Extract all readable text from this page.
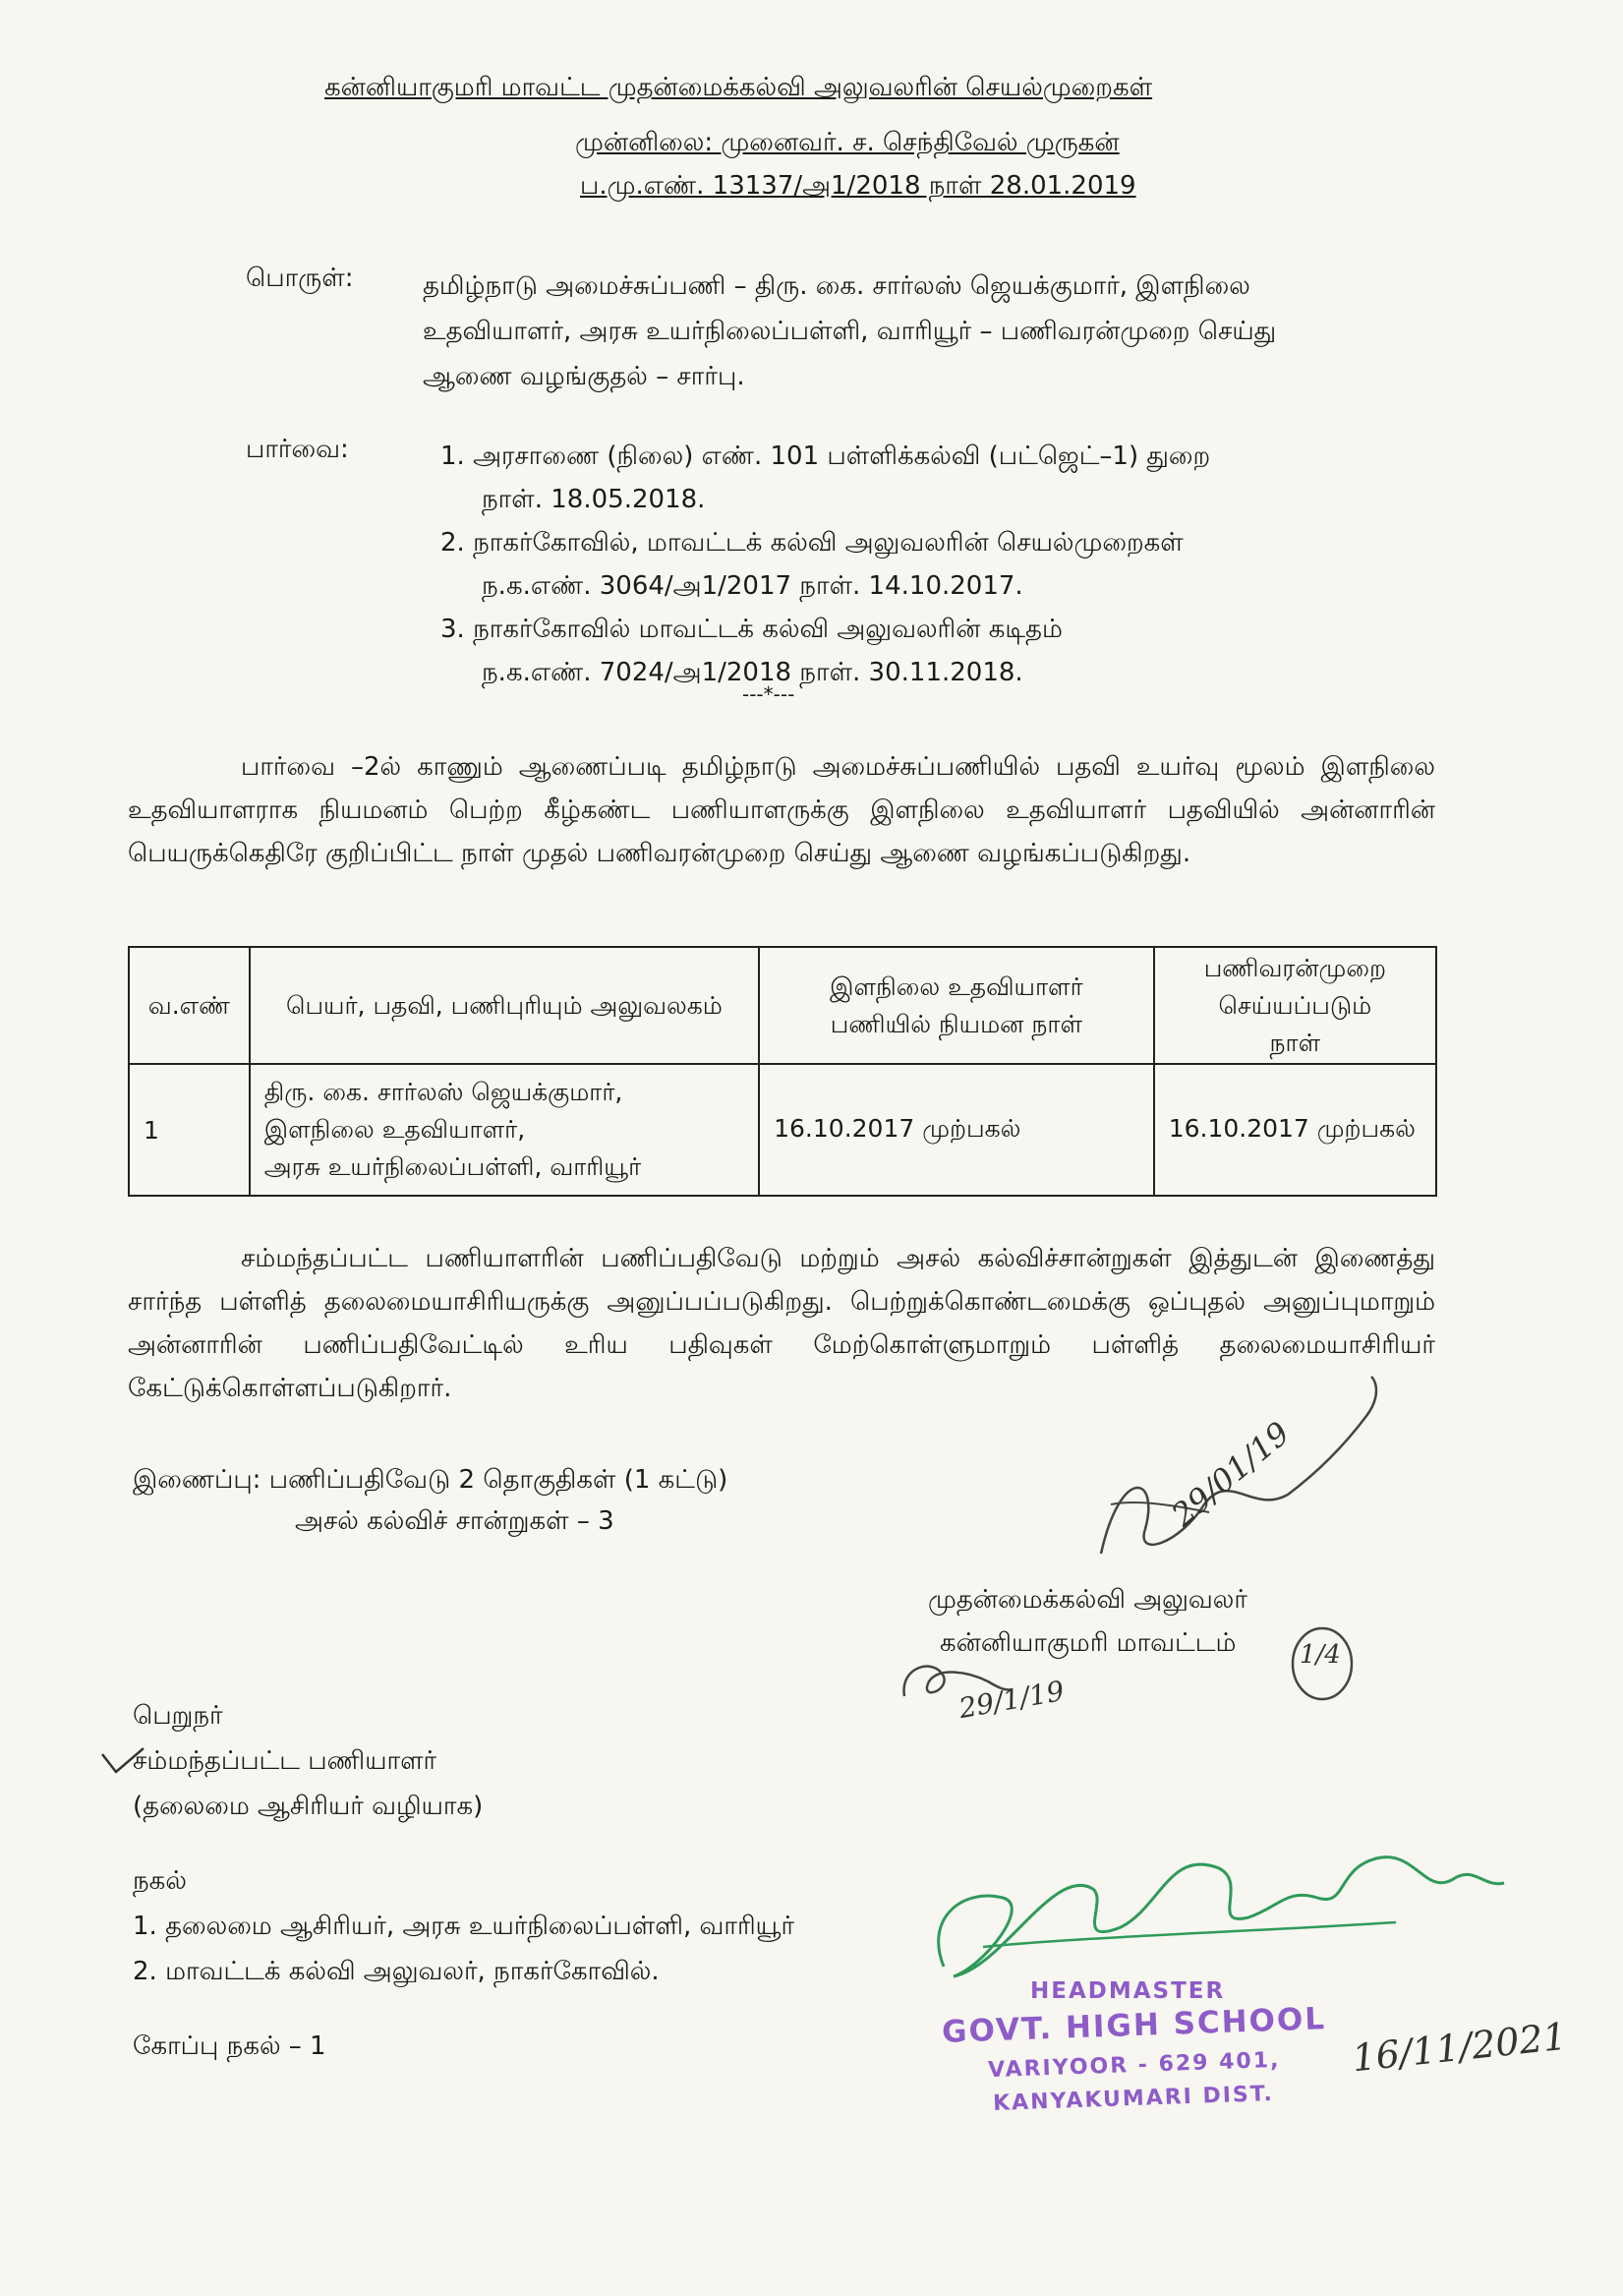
கன்னியாகுமரி மாவட்ட முதன்மைக்கல்வி அலுவலரின் செயல்முறைகள்
முன்னிலை: முனைவர். ச. செந்திவேல் முருகன்
ப.மு.எண். 13137/அ1/2018 நாள் 28.01.2019
பொருள்:	தமிழ்நாடு அமைச்சுப்பணி – திரு. கை. சார்லஸ் ஜெயக்குமார், இளநிலை
உதவியாளர், அரசு உயர்நிலைப்பள்ளி, வாரியூர் – பணிவரன்முறை செய்து
ஆணை வழங்குதல் – சார்பு.
பார்வை:	1. அரசாணை (நிலை) எண். 101 பள்ளிக்கல்வி (பட்ஜெட்–1) துறை
நாள். 18.05.2018.
2. நாகர்கோவில், மாவட்டக் கல்வி அலுவலரின் செயல்முறைகள்
ந.க.எண். 3064/அ1/2017 நாள். 14.10.2017.
3. நாகர்கோவில் மாவட்டக் கல்வி அலுவலரின் கடிதம்
ந.க.எண். 7024/அ1/2018 நாள். 30.11.2018.
---*---
பார்வை –2ல் காணும் ஆணைப்படி தமிழ்நாடு அமைச்சுப்பணியில் பதவி உயர்வு மூலம் இளநிலை உதவியாளராக நியமனம் பெற்ற கீழ்கண்ட பணியாளருக்கு இளநிலை உதவியாளர் பதவியில் அன்னாரின் பெயருக்கெதிரே குறிப்பிட்ட நாள் முதல் பணிவரன்முறை செய்து ஆணை வழங்கப்படுகிறது.
வ.எண்	பெயர், பதவி, பணிபுரியும் அலுவலகம்	இளநிலை உதவியாளர் பணியில் நியமன நாள்	பணிவரன்முறை செய்யப்படும் நாள்
1	திரு. கை. சார்லஸ் ஜெயக்குமார்,
இளநிலை உதவியாளர்,
அரசு உயர்நிலைப்பள்ளி, வாரியூர்	16.10.2017 முற்பகல்	16.10.2017 முற்பகல்
சம்மந்தப்பட்ட பணியாளரின் பணிப்பதிவேடு மற்றும் அசல் கல்விச்சான்றுகள் இத்துடன் இணைத்து சார்ந்த பள்ளித் தலைமையாசிரியருக்கு அனுப்பப்படுகிறது. பெற்றுக்கொண்டமைக்கு ஒப்புதல் அனுப்புமாறும் அன்னாரின் பணிப்பதிவேட்டில் உரிய பதிவுகள் மேற்கொள்ளுமாறும் பள்ளித் தலைமையாசிரியர் கேட்டுக்கொள்ளப்படுகிறார்.
இணைப்பு: பணிப்பதிவேடு 2 தொகுதிகள் (1 கட்டு)
அசல் கல்விச் சான்றுகள் – 3	29/01/19
முதன்மைக்கல்வி அலுவலர்
கன்னியாகுமரி மாவட்டம் 1/4
29/1/19
பெறுநர்
சம்மந்தப்பட்ட பணியாளர்
(தலைமை ஆசிரியர் வழியாக)
நகல்
1. தலைமை ஆசிரியர், அரசு உயர்நிலைப்பள்ளி, வாரியூர்
2. மாவட்டக் கல்வி அலுவலர், நாகர்கோவில்.
கோப்பு நகல் – 1
HEADMASTER
GOVT. HIGH SCHOOL
VARIYOOR - 629 401,
KANYAKUMARI DIST.
16/11/2021
